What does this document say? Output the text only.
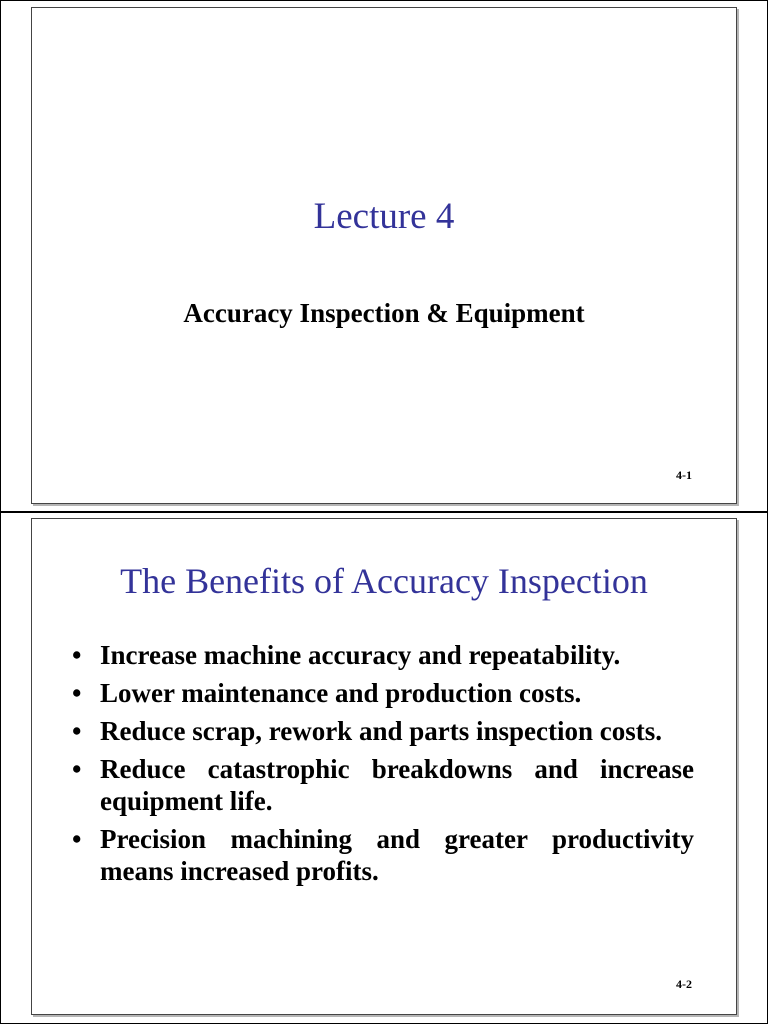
Lecture 4
Accuracy Inspection & Equipment
4-1
The Benefits of Accuracy Inspection
• Increase machine accuracy and repeatability.
• Lower maintenance and production costs.
• Reduce scrap, rework and parts inspection costs.
• Reduce catastrophic breakdowns and increase equipment life.
• Precision machining and greater productivity means increased profits.
4-2
